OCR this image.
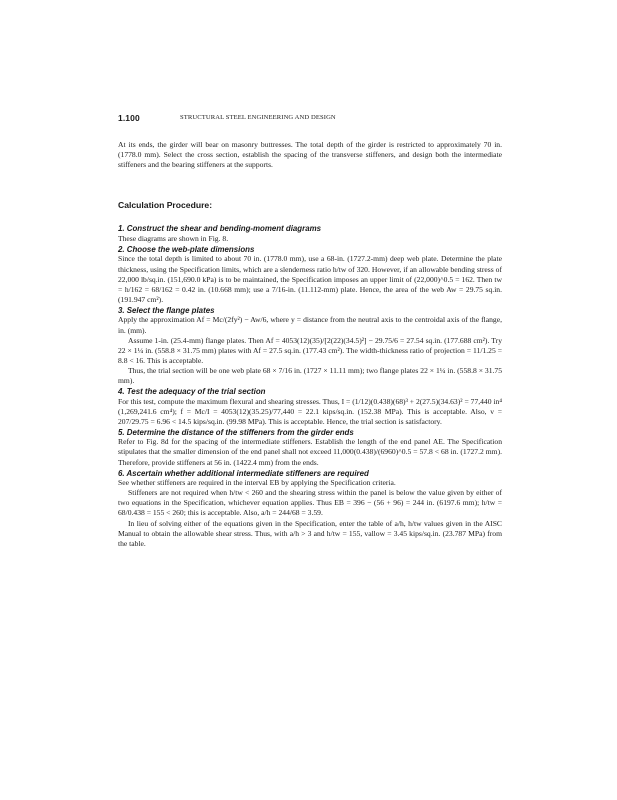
1.100	STRUCTURAL STEEL ENGINEERING AND DESIGN

At its ends, the girder will bear on masonry buttresses. The total depth of the girder is restricted to approximately 70 in. (1778.0 mm). Select the cross section, establish the spacing of the transverse stiffeners, and design both the intermediate stiffeners and the bearing stiffeners at the supports.

Calculation Procedure:
1. Construct the shear and bending-moment diagrams

These diagrams are shown in Fig. 8.

2. Choose the web-plate dimensions

Since the total depth is limited to about 70 in. (1778.0 mm), use a 68-in. (1727.2-mm) deep web plate. Determine the plate thickness, using the Specification limits, which are a slenderness ratio h/tw of 320. However, if an allowable bending stress of 22,000 lb/sq.in. (151,690.0 kPa) is to be maintained, the Specification imposes an upper limit of (22,000)^0.5 = 162. Then tw = h/162 = 68/162 = 0.42 in. (10.668 mm); use a 7/16-in. (11.112-mm) plate. Hence, the area of the web Aw = 29.75 sq.in. (191.947 cm²).

3. Select the flange plates

Apply the approximation Af = Mc/(2fy²) − Aw/6, where y = distance from the neutral axis to the centroidal axis of the flange, in. (mm).

Assume 1-in. (25.4-mm) flange plates. Then Af = 4053(12)(35)/[2(22)(34.5)²] − 29.75/6 = 27.54 sq.in. (177.688 cm²). Try 22 × 1¼ in. (558.8 × 31.75 mm) plates with Af = 27.5 sq.in. (177.43 cm²). The width-thickness ratio of projection = 11/1.25 = 8.8 < 16. This is acceptable.

Thus, the trial section will be one web plate 68 × 7/16 in. (1727 × 11.11 mm); two flange plates 22 × 1¼ in. (558.8 × 31.75 mm).

4. Test the adequacy of the trial section

For this test, compute the maximum flexural and shearing stresses. Thus, I = (1/12)(0.438)(68)³ + 2(27.5)(34.63)² = 77,440 in⁴ (1,269,241.6 cm⁴); f = Mc/I = 4053(12)(35.25)/77,440 = 22.1 kips/sq.in. (152.38 MPa). This is acceptable. Also, v = 207/29.75 = 6.96 < 14.5 kips/sq.in. (99.98 MPa). This is acceptable. Hence, the trial section is satisfactory.

5. Determine the distance of the stiffeners from the girder ends

Refer to Fig. 8d for the spacing of the intermediate stiffeners. Establish the length of the end panel AE. The Specification stipulates that the smaller dimension of the end panel shall not exceed 11,000(0.438)/(6960)^0.5 = 57.8 < 68 in. (1727.2 mm). Therefore, provide stiffeners at 56 in. (1422.4 mm) from the ends.

6. Ascertain whether additional intermediate stiffeners are required

See whether stiffeners are required in the interval EB by applying the Specification criteria.

Stiffeners are not required when h/tw < 260 and the shearing stress within the panel is below the value given by either of two equations in the Specification, whichever equation applies. Thus EB = 396 − (56 + 96) = 244 in. (6197.6 mm); h/tw = 68/0.438 = 155 < 260; this is acceptable. Also, a/h = 244/68 = 3.59.

In lieu of solving either of the equations given in the Specification, enter the table of a/h, h/tw values given in the AISC Manual to obtain the allowable shear stress. Thus, with a/h > 3 and h/tw = 155, vallow = 3.45 kips/sq.in. (23.787 MPa) from the table.
